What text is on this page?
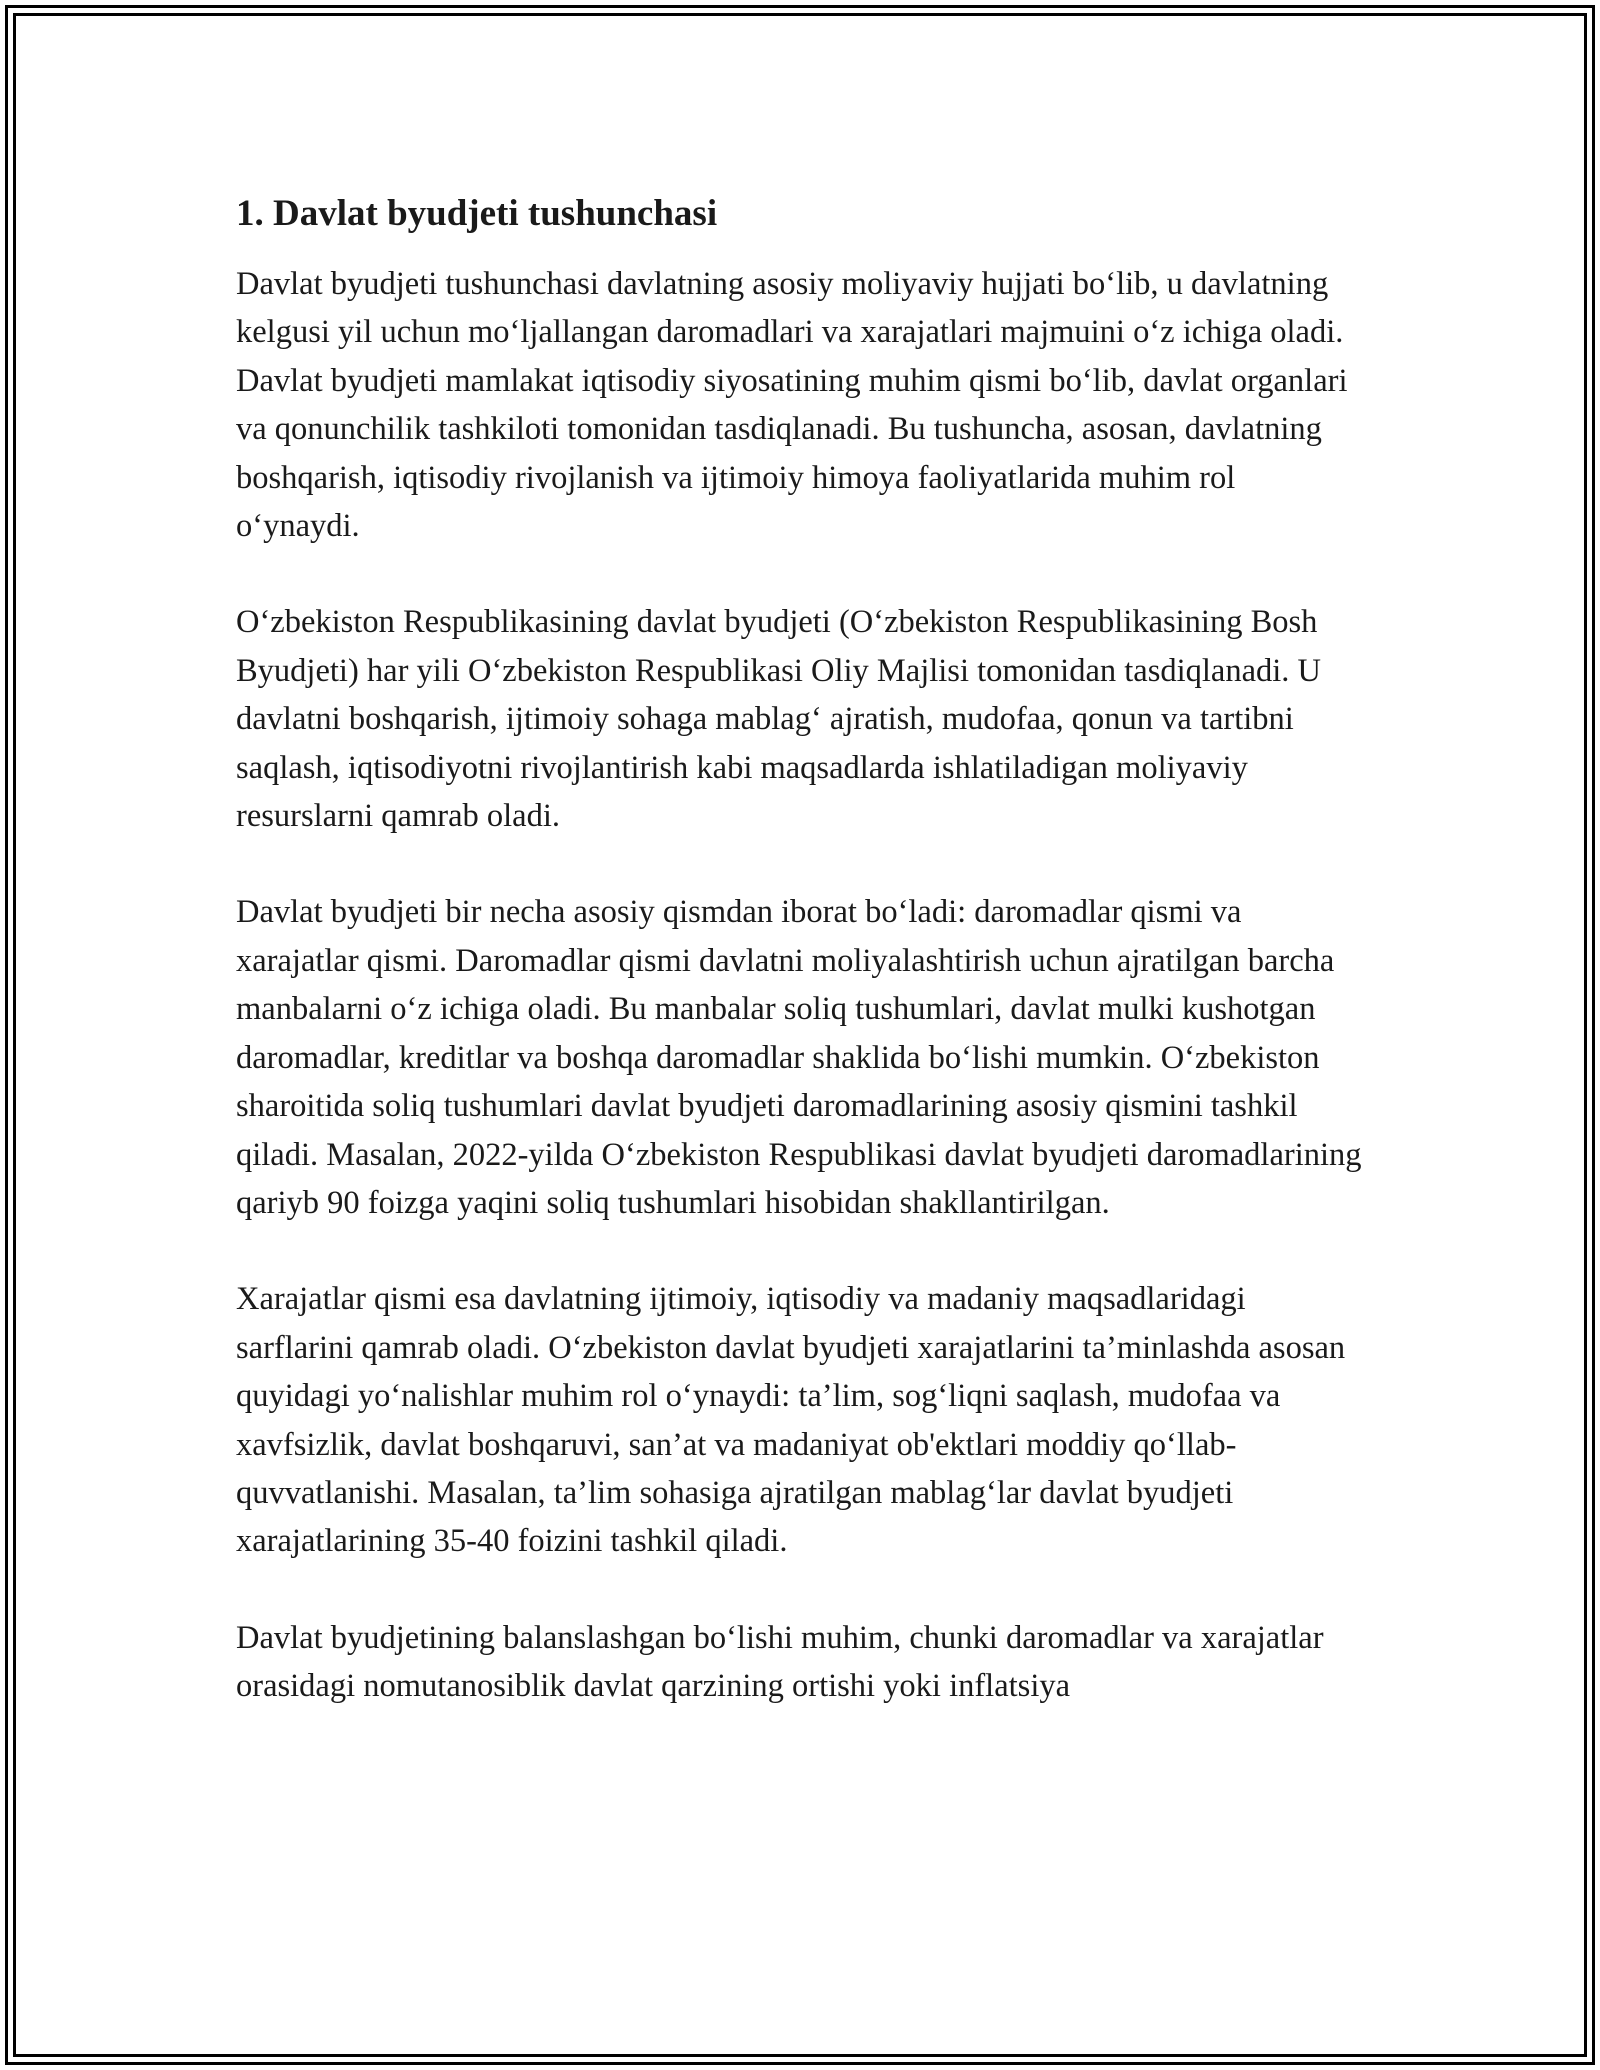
1. Davlat byudjeti tushunchasi

Davlat byudjeti tushunchasi davlatning asosiy moliyaviy hujjati bo‘lib, u davlatning kelgusi yil uchun mo‘ljallangan daromadlari va xarajatlari majmuini o‘z ichiga oladi. Davlat byudjeti mamlakat iqtisodiy siyosatining muhim qismi bo‘lib, davlat organlari va qonunchilik tashkiloti tomonidan tasdiqlanadi. Bu tushuncha, asosan, davlatning boshqarish, iqtisodiy rivojlanish va ijtimoiy himoya faoliyatlarida muhim rol o‘ynaydi.

O‘zbekiston Respublikasining davlat byudjeti (O‘zbekiston Respublikasining Bosh Byudjeti) har yili O‘zbekiston Respublikasi Oliy Majlisi tomonidan tasdiqlanadi. U davlatni boshqarish, ijtimoiy sohaga mablag‘ ajratish, mudofaa, qonun va tartibni saqlash, iqtisodiyotni rivojlantirish kabi maqsadlarda ishlatiladigan moliyaviy resurslarni qamrab oladi.

Davlat byudjeti bir necha asosiy qismdan iborat bo‘ladi: daromadlar qismi va xarajatlar qismi. Daromadlar qismi davlatni moliyalashtirish uchun ajratilgan barcha manbalarni o‘z ichiga oladi. Bu manbalar soliq tushumlari, davlat mulki kushotgan daromadlar, kreditlar va boshqa daromadlar shaklida bo‘lishi mumkin. O‘zbekiston sharoitida soliq tushumlari davlat byudjeti daromadlarining asosiy qismini tashkil qiladi. Masalan, 2022-yilda O‘zbekiston Respublikasi davlat byudjeti daromadlarining qariyb 90 foizga yaqini soliq tushumlari hisobidan shakllantirilgan.

Xarajatlar qismi esa davlatning ijtimoiy, iqtisodiy va madaniy maqsadlaridagi sarflarini qamrab oladi. O‘zbekiston davlat byudjeti xarajatlarini ta’minlashda asosan quyidagi yo‘nalishlar muhim rol o‘ynaydi: ta’lim, sog‘liqni saqlash, mudofaa va xavfsizlik, davlat boshqaruvi, san’at va madaniyat ob'ektlari moddiy qo‘llab-quvvatlanishi. Masalan, ta’lim sohasiga ajratilgan mablag‘lar davlat byudjeti xarajatlarining 35-40 foizini tashkil qiladi.

Davlat byudjetining balanslashgan bo‘lishi muhim, chunki daromadlar va xarajatlar orasidagi nomutanosiblik davlat qarzining ortishi yoki inflatsiya
